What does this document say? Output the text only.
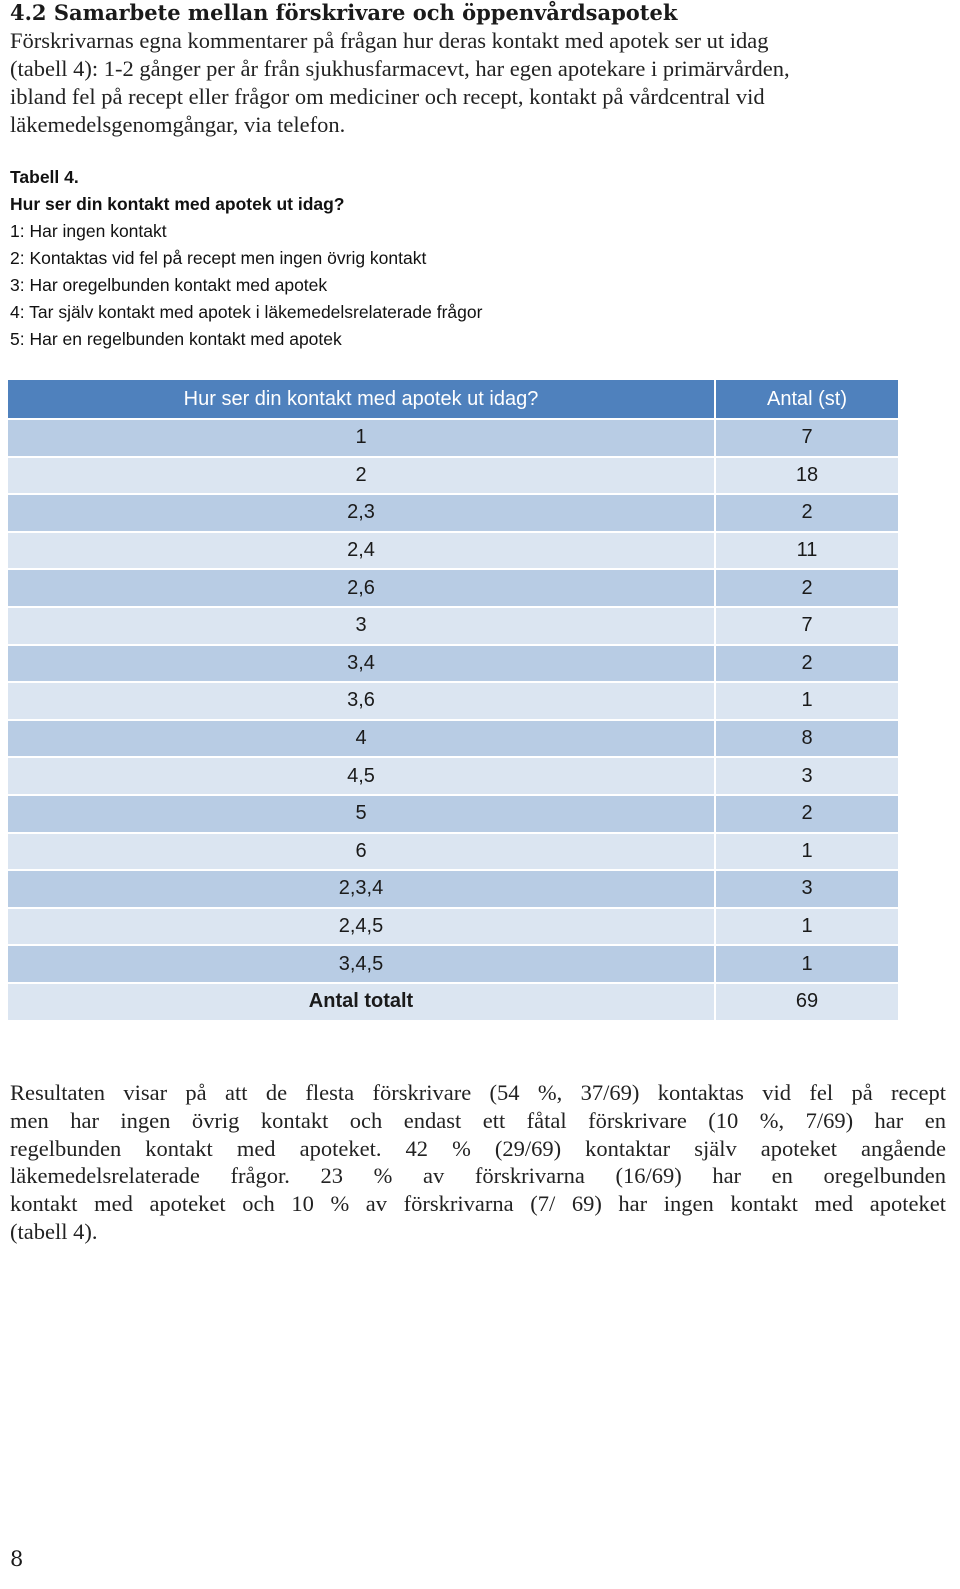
4.2 Samarbete mellan förskrivare och öppenvårdsapotek
Förskrivarnas egna kommentarer på frågan hur deras kontakt med apotek ser ut idag
(tabell 4): 1-2 gånger per år från sjukhusfarmacevt, har egen apotekare i primärvården,
ibland fel på recept eller frågor om mediciner och recept, kontakt på vårdcentral vid
läkemedelsgenomgångar, via telefon.
Tabell 4.
Hur ser din kontakt med apotek ut idag?
1: Har ingen kontakt
2: Kontaktas vid fel på recept men ingen övrig kontakt
3: Har oregelbunden kontakt med apotek
4: Tar själv kontakt med apotek i läkemedelsrelaterade frågor
5: Har en regelbunden kontakt med apotek
Hur ser din kontakt med apotek ut idag?	Antal (st)
1	7
2	18
2,3	2
2,4	11
2,6	2
3	7
3,4	2
3,6	1
4	8
4,5	3
5	2
6	1
2,3,4	3
2,4,5	1
3,4,5	1
Antal totalt	69
Resultaten visar på att de flesta förskrivare (54 %, 37/69) kontaktas vid fel på recept
men har ingen övrig kontakt och endast ett fåtal förskrivare (10 %, 7/69) har en
regelbunden kontakt med apoteket. 42 % (29/69) kontaktar själv apoteket angående
läkemedelsrelaterade frågor. 23 % av förskrivarna (16/69) har en oregelbunden
kontakt med apoteket och 10 % av förskrivarna (7/ 69) har ingen kontakt med apoteket
(tabell 4).
8
